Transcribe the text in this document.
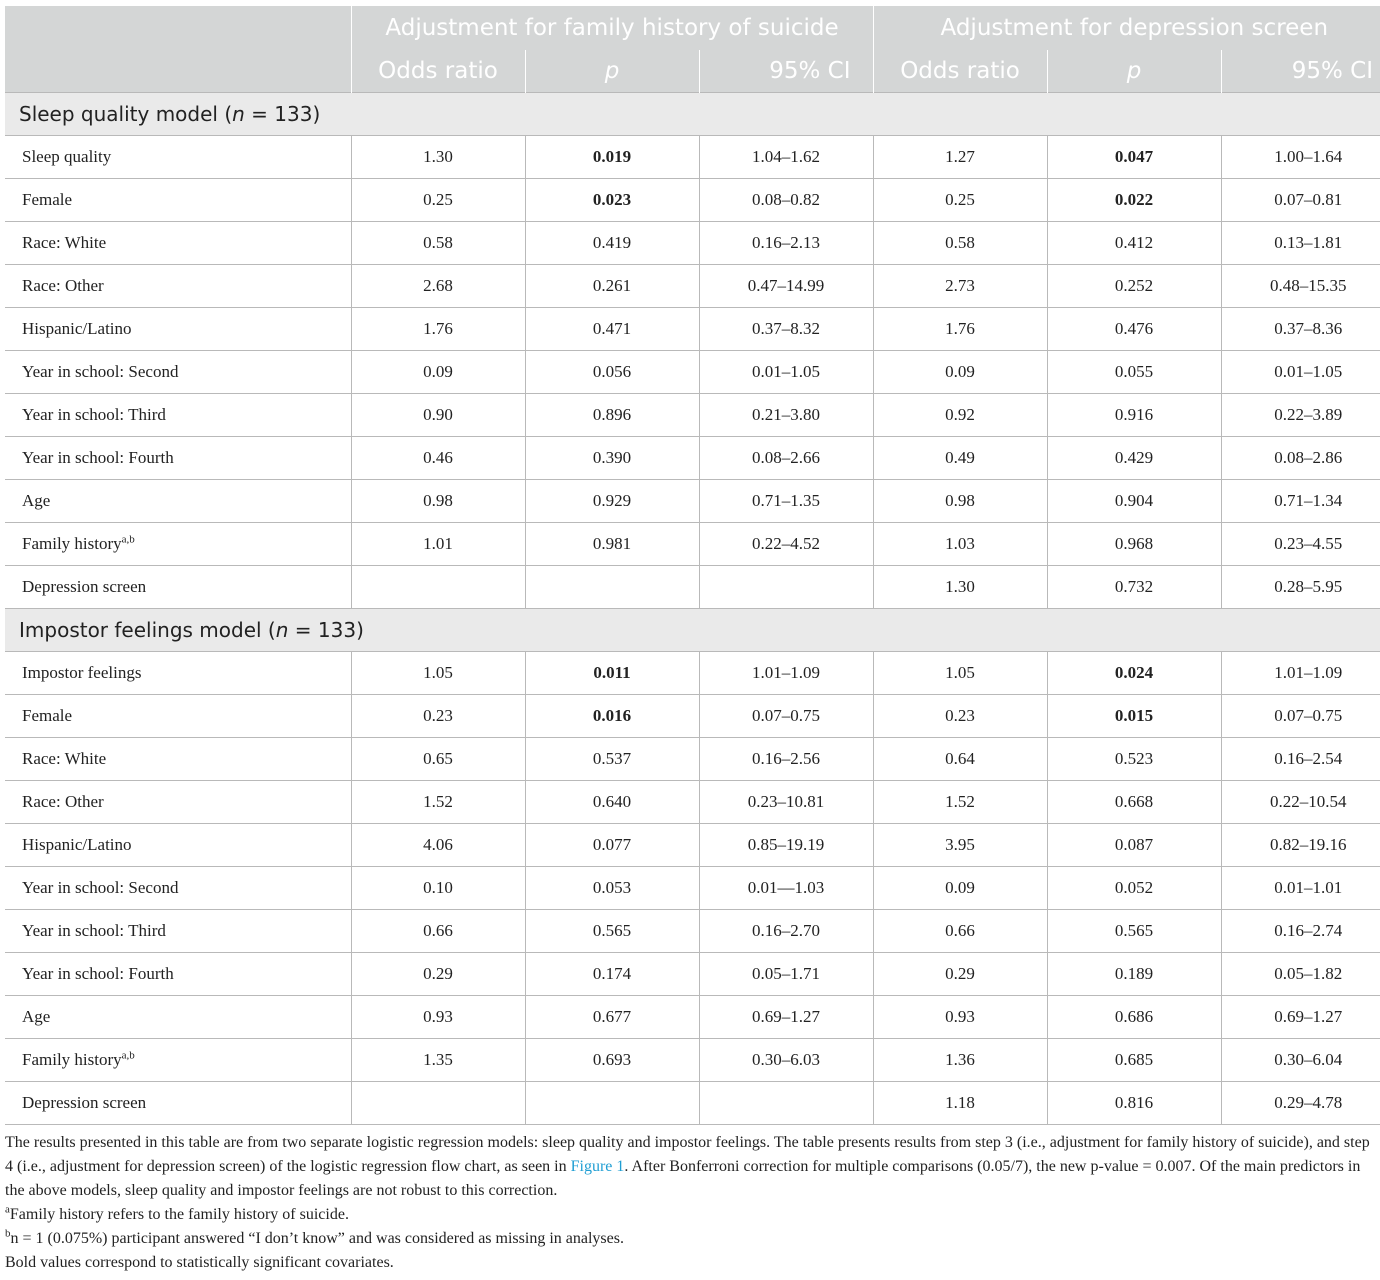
	Adjustment for family history of suicide			Adjustment for depression screen		
	Odds ratio	p	95% CI	Odds ratio	p	95% CI
Sleep quality model (n = 133)						
Sleep quality	1.30	0.019	1.04–1.62	1.27	0.047	1.00–1.64
Female	0.25	0.023	0.08–0.82	0.25	0.022	0.07–0.81
Race: White	0.58	0.419	0.16–2.13	0.58	0.412	0.13–1.81
Race: Other	2.68	0.261	0.47–14.99	2.73	0.252	0.48–15.35
Hispanic/Latino	1.76	0.471	0.37–8.32	1.76	0.476	0.37–8.36
Year in school: Second	0.09	0.056	0.01–1.05	0.09	0.055	0.01–1.05
Year in school: Third	0.90	0.896	0.21–3.80	0.92	0.916	0.22–3.89
Year in school: Fourth	0.46	0.390	0.08–2.66	0.49	0.429	0.08–2.86
Age	0.98	0.929	0.71–1.35	0.98	0.904	0.71–1.34
Family history$^{a,b}$	1.01	0.981	0.22–4.52	1.03	0.968	0.23–4.55
Depression screen				1.30	0.732	0.28–5.95
Impostor feelings model (n = 133)						
Impostor feelings	1.05	0.011	1.01–1.09	1.05	0.024	1.01–1.09
Female	0.23	0.016	0.07–0.75	0.23	0.015	0.07–0.75
Race: White	0.65	0.537	0.16–2.56	0.64	0.523	0.16–2.54
Race: Other	1.52	0.640	0.23–10.81	1.52	0.668	0.22–10.54
Hispanic/Latino	4.06	0.077	0.85–19.19	3.95	0.087	0.82–19.16
Year in school: Second	0.10	0.053	0.01—1.03	0.09	0.052	0.01–1.01
Year in school: Third	0.66	0.565	0.16–2.70	0.66	0.565	0.16–2.74
Year in school: Fourth	0.29	0.174	0.05–1.71	0.29	0.189	0.05–1.82
Age	0.93	0.677	0.69–1.27	0.93	0.686	0.69–1.27
Family history$^{a,b}$	1.35	0.693	0.30–6.03	1.36	0.685	0.30–6.04
Depression screen				1.18	0.816	0.29–4.78

The results presented in this table are from two separate logistic regression models: sleep quality and impostor feelings. The table presents results from step 3 (i.e., adjustment for family history of suicide), and step 4 (i.e., adjustment for depression screen) of the logistic regression flow chart, as seen in Figure 1. After Bonferroni correction for multiple comparisons (0.05/7), the new p-value = 0.007. Of the main predictors in the above models, sleep quality and impostor feelings are not robust to this correction.

$^a$Family history refers to the family history of suicide.

$^b$n = 1 (0.075%) participant answered “I don’t know” and was considered as missing in analyses.

Bold values correspond to statistically significant covariates.
